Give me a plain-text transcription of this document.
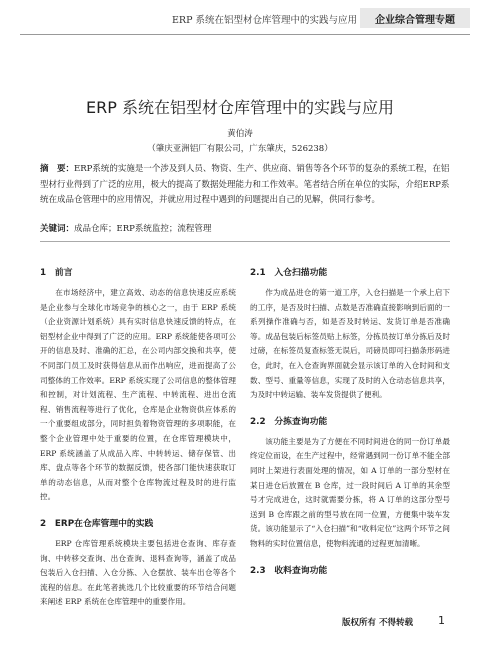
ERP 系统在铝型材仓库管理中的实践与应用	企业综合管理专题
ERP 系统在铝型材仓库管理中的实践与应用
黄伯涛
（肇庆亚洲铝厂有限公司，广东肇庆，526238）
摘　要：ERP系统的实施是一个涉及到人员、物资、生产、供应商、销售等各个环节的复杂的系统工程，在铝型材行业得到了广泛的应用，极大的提高了数据处理能力和工作效率。笔者结合所在单位的实际，介绍ERP系统在成品仓管理中的应用情况，并就应用过程中遇到的问题提出自己的见解，供同行参考。
关键词：成品仓库；ERP系统监控；流程管理
1　前言

在市场经济中，建立高效、动态的信息快速反应系统是企业参与全球化市场竞争的核心之一，由于 ERP 系统（企业资源计划系统）具有实时信息快速反馈的特点，在铝型材企业中得到了广泛的应用。ERP 系统能使各项可公开的信息及时、准确的汇总，在公司内部交换和共享，使不同部门员工及时获得信息从而作出响应，进而提高了公司整体的工作效率。ERP 系统实现了公司信息的整体管理和控制，对计划流程、生产流程、中转流程、进出仓流程、销售流程等进行了优化，仓库是企业物资供应体系的一个重要组成部分，同时担负着物资管理的多项职能，在整个企业管理中处于重要的位置，在仓库管理模块中，ERP 系统涵盖了从成品入库、中转转运、储存保管、出库、盘点等各个环节的数据反馈，使各部门能快速获取订单的动态信息，从而对整个仓库物流过程及时的进行监控。

2　ERP在仓库管理中的实践

ERP 仓库管理系统模块主要包括进仓查询、库存查询、中转移交查询、出仓查询、退料查询等，涵盖了成品包装后入仓扫描、入仓分拣、入仓摆放、装车出仓等各个流程的信息。在此笔者挑选几个比较重要的环节结合问题来阐述 ERP 系统在仓库管理中的重要作用。

2.1　入仓扫描功能

作为成品进仓的第一道工序，入仓扫描是一个承上启下的工序，是否及时扫描、点数是否准确直接影响到后面的一系列操作准确与否，如是否及时转运、发货订单是否准确等。成品包装后标签员贴上标签，分拣员按订单分拣后及时过磅，在标签员复查标签无误后，司磅员即可扫描条形码进仓，此时，在入仓查询界面就会显示该订单的入仓时间和支数、型号、重量等信息，实现了及时的入仓动态信息共享，为及时中转运输、装车发货提供了便利。

2.2　分拣查询功能

该功能主要是为了方便在不同时间进仓的同一份订单最终定位而设，在生产过程中，经常遇到同一份订单不能全部同时上架进行表面处理的情况，如 A 订单的一部分型材在某日进仓后放置在 B 仓库，过一段时间后 A 订单的其余型号才完成进仓，这时就需要分拣，将 A 订单的这部分型号送到 B 仓库跟之前的型号放在同一位置，方便集中装车发货。该功能显示了“入仓扫描”和“收料定位”这两个环节之间物料的实时位置信息，使物料流通的过程更加清晰。

2.3　收料查询功能
版权所有 不得转载 1
